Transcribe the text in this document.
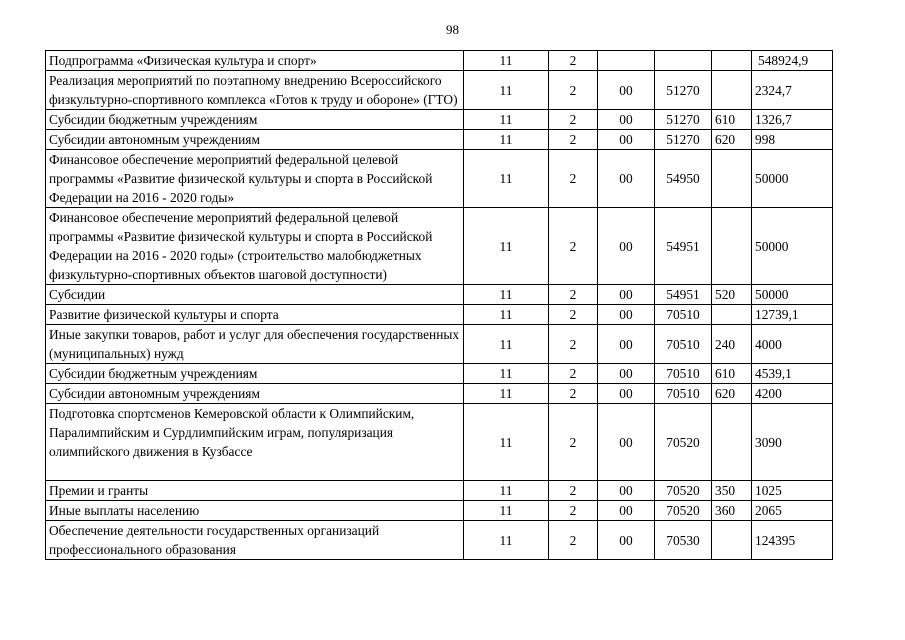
98
Подпрограмма «Физическая культура и спорт»	11	2				548924,9
Реализация мероприятий по поэтапному внедрению Всероссийского физкультурно-спортивного комплекса «Готов к труду и обороне» (ГТО)	11	2	00	51270		2324,7
Субсидии бюджетным учреждениям	11	2	00	51270	610	1326,7
Субсидии автономным учреждениям	11	2	00	51270	620	998
Финансовое обеспечение мероприятий федеральной целевой программы «Развитие физической культуры и спорта в Российской Федерации на 2016 - 2020 годы»	11	2	00	54950		50000
Финансовое обеспечение мероприятий федеральной целевой программы «Развитие физической культуры и спорта в Российской Федерации на 2016 - 2020 годы» (строительство малобюджетных физкультурно-спортивных объектов шаговой доступности)	11	2	00	54951		50000
Субсидии	11	2	00	54951	520	50000
Развитие физической культуры и спорта	11	2	00	70510		12739,1
Иные закупки товаров, работ и услуг для обеспечения государственных (муниципальных) нужд	11	2	00	70510	240	4000
Субсидии бюджетным учреждениям	11	2	00	70510	610	4539,1
Субсидии автономным учреждениям	11	2	00	70510	620	4200
Подготовка спортсменов Кемеровской области к Олимпийским, Паралимпийским и Сурдлимпийским играм, популяризация олимпийского движения в Кузбассе	11	2	00	70520		3090
Премии и гранты	11	2	00	70520	350	1025
Иные выплаты населению	11	2	00	70520	360	2065
Обеспечение деятельности государственных организаций профессионального образования	11	2	00	70530		124395
